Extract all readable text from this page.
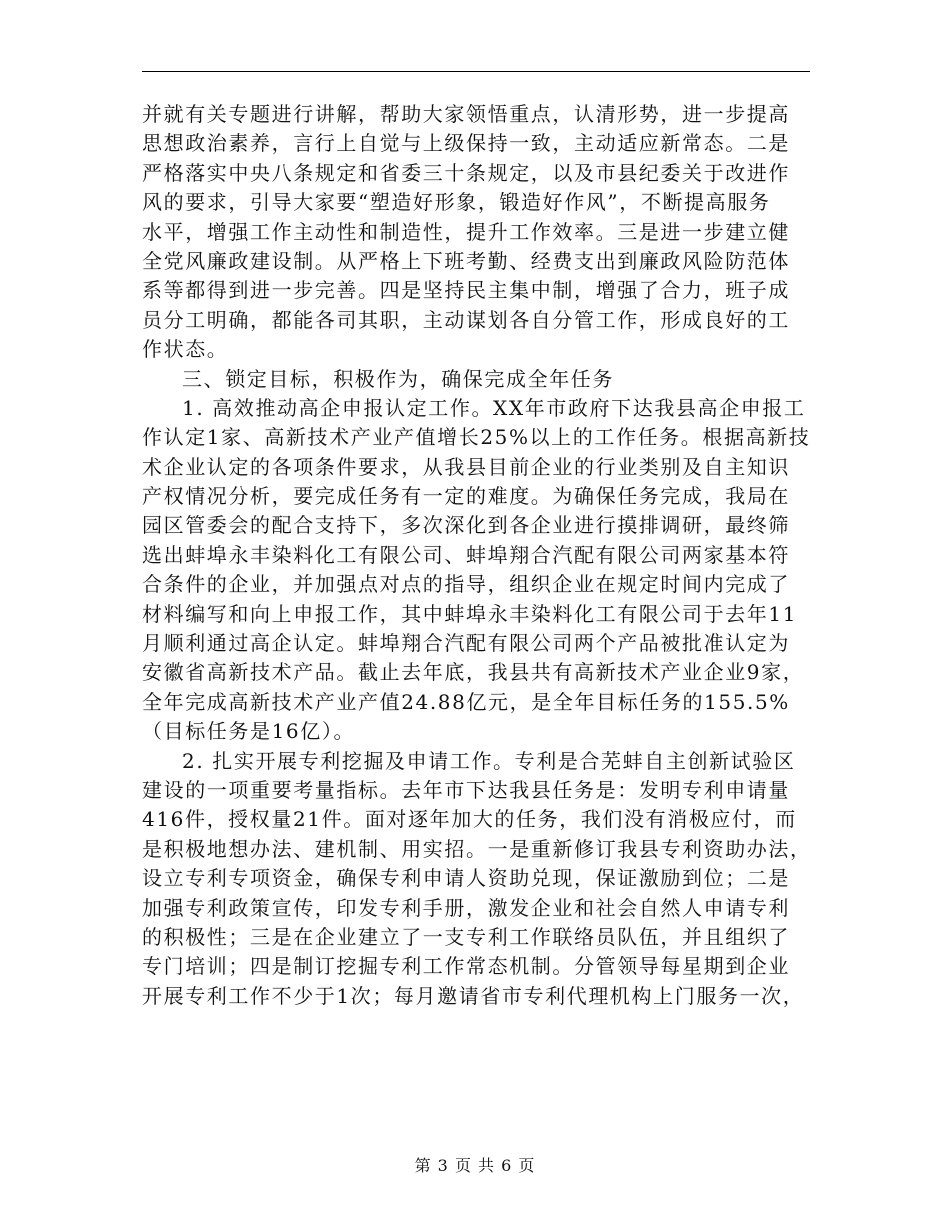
并就有关专题进行讲解，帮助大家领悟重点，认清形势，进一步提高
思想政治素养，言行上自觉与上级保持一致，主动适应新常态。二是
严格落实中央八条规定和省委三十条规定，以及市县纪委关于改进作
风的要求，引导大家要“塑造好形象，锻造好作风”，不断提高服务
水平，增强工作主动性和制造性，提升工作效率。三是进一步建立健
全党风廉政建设制。从严格上下班考勤、经费支出到廉政风险防范体
系等都得到进一步完善。四是坚持民主集中制，增强了合力，班子成
员分工明确，都能各司其职，主动谋划各自分管工作，形成良好的工
作状态。
三、锁定目标，积极作为，确保完成全年任务
1. 高效推动高企申报认定工作。XX年市政府下达我县高企申报工
作认定1家、高新技术产业产值增长25%以上的工作任务。根据高新技
术企业认定的各项条件要求，从我县目前企业的行业类别及自主知识
产权情况分析，要完成任务有一定的难度。为确保任务完成，我局在
园区管委会的配合支持下，多次深化到各企业进行摸排调研，最终筛
选出蚌埠永丰染料化工有限公司、蚌埠翔合汽配有限公司两家基本符
合条件的企业，并加强点对点的指导，组织企业在规定时间内完成了
材料编写和向上申报工作，其中蚌埠永丰染料化工有限公司于去年11
月顺利通过高企认定。蚌埠翔合汽配有限公司两个产品被批准认定为
安徽省高新技术产品。截止去年底，我县共有高新技术产业企业9家，
全年完成高新技术产业产值24.88亿元，是全年目标任务的155.5%
（目标任务是16亿）。
2. 扎实开展专利挖掘及申请工作。专利是合芜蚌自主创新试验区
建设的一项重要考量指标。去年市下达我县任务是：发明专利申请量
416件，授权量21件。面对逐年加大的任务，我们没有消极应付，而
是积极地想办法、建机制、用实招。一是重新修订我县专利资助办法，
设立专利专项资金，确保专利申请人资助兑现，保证激励到位；二是
加强专利政策宣传，印发专利手册，激发企业和社会自然人申请专利
的积极性；三是在企业建立了一支专利工作联络员队伍，并且组织了
专门培训；四是制订挖掘专利工作常态机制。分管领导每星期到企业
开展专利工作不少于1次；每月邀请省市专利代理机构上门服务一次，
第 3 页 共 6 页
